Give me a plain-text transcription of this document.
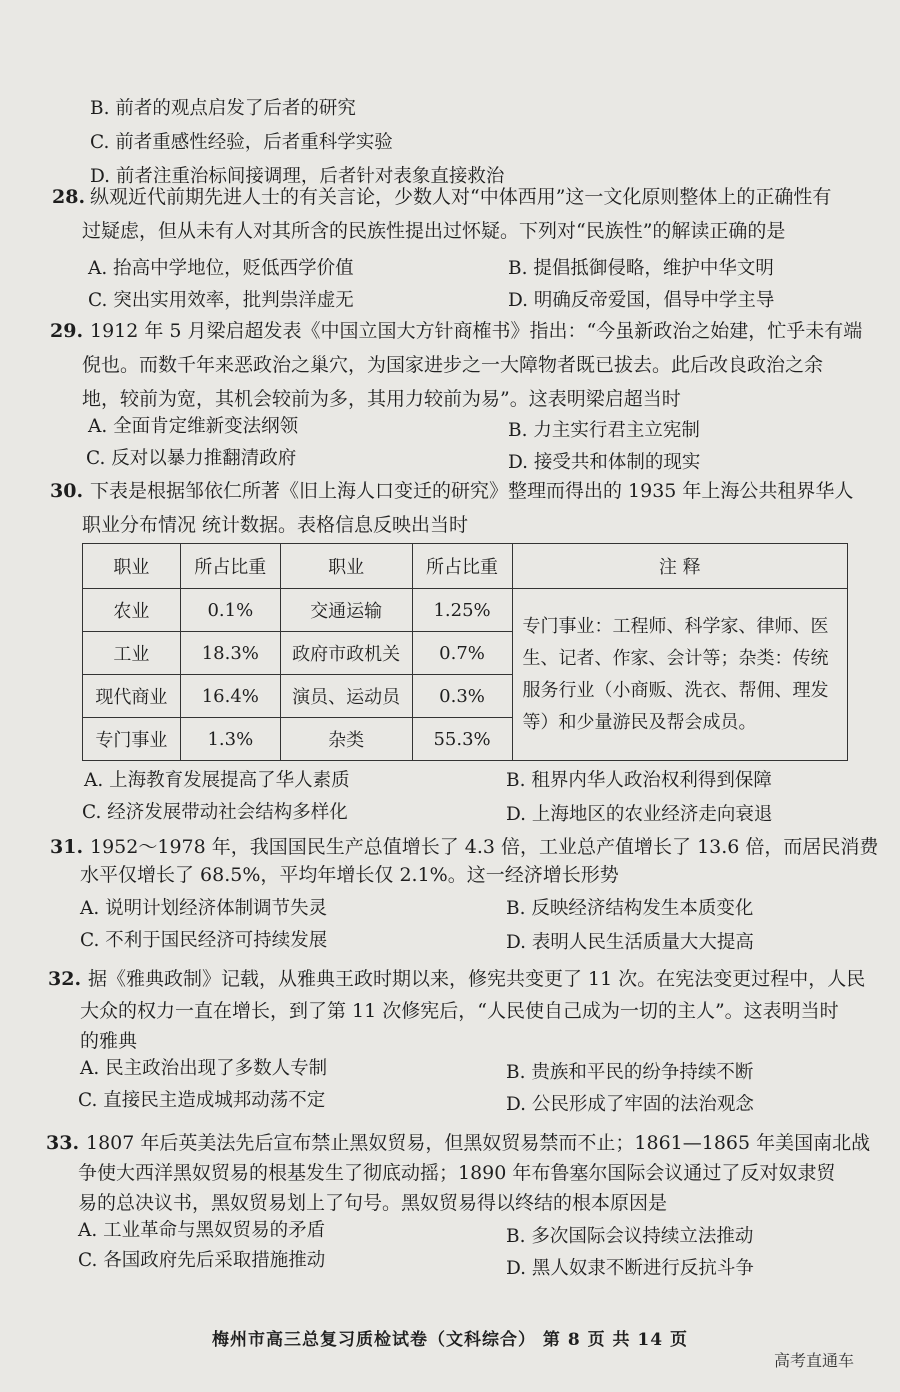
B. 前者的观点启发了后者的研究
C. 前者重感性经验，后者重科学实验
D. 前者注重治标间接调理，后者针对表象直接救治
28. 纵观近代前期先进人士的有关言论，少数人对“中体西用”这一文化原则整体上的正确性有
过疑虑，但从未有人对其所含的民族性提出过怀疑。下列对“民族性”的解读正确的是
A. 抬高中学地位，贬低西学价值	B. 提倡抵御侵略，维护中华文明
C. 突出实用效率，批判祟洋虚无	D. 明确反帝爱国，倡导中学主导
29. 1912 年 5 月梁启超发表《中国立国大方针商榷书》指出：“今虽新政治之始建，忙乎未有端
倪也。而数千年来恶政治之巢穴，为国家进步之一大障物者既已拔去。此后改良政治之余
地，较前为宽，其机会较前为多，其用力较前为易”。这表明梁启超当时
A. 全面肯定维新变法纲领	B. 力主实行君主立宪制
C. 反对以暴力推翻清政府	D. 接受共和体制的现实
30. 下表是根据邹依仁所著《旧上海人口变迁的研究》整理而得出的 1935 年上海公共租界华人
职业分布情况 统计数据。表格信息反映出当时
职业	所占比重	职业	所占比重	注 释
农业	0.1%	交通运输	1.25%	专门事业：工程师、科学家、律师、医生、记者、作家、会计等；杂类：传统服务行业（小商贩、洗衣、帮佣、理发等）和少量游民及帮会成员。
工业	18.3%	政府市政机关	0.7%	
现代商业	16.4%	演员、运动员	0.3%	
专门事业	1.3%	杂类	55.3%	
A. 上海教育发展提高了华人素质	B. 租界内华人政治权利得到保障
C. 经济发展带动社会结构多样化	D. 上海地区的农业经济走向衰退
31. 1952～1978 年，我国国民生产总值增长了 4.3 倍，工业总产值增长了 13.6 倍，而居民消费
水平仅增长了 68.5%，平均年增长仅 2.1%。这一经济增长形势
A. 说明计划经济体制调节失灵	B. 反映经济结构发生本质变化
C. 不利于国民经济可持续发展	D. 表明人民生活质量大大提高
32. 据《雅典政制》记载，从雅典王政时期以来，修宪共变更了 11 次。在宪法变更过程中，人民
大众的权力一直在增长，到了第 11 次修宪后，“人民使自己成为一切的主人”。这表明当时
的雅典
A. 民主政治出现了多数人专制	B. 贵族和平民的纷争持续不断
C. 直接民主造成城邦动荡不定	D. 公民形成了牢固的法治观念
33. 1807 年后英美法先后宣布禁止黑奴贸易，但黑奴贸易禁而不止；1861—1865 年美国南北战
争使大西洋黑奴贸易的根基发生了彻底动摇；1890 年布鲁塞尔国际会议通过了反对奴隶贸
易的总决议书，黑奴贸易划上了句号。黑奴贸易得以终结的根本原因是
A. 工业革命与黑奴贸易的矛盾	B. 多次国际会议持续立法推动
C. 各国政府先后采取措施推动	D. 黑人奴隶不断进行反抗斗争
梅州市高三总复习质检试卷（文科综合） 第 8 页 共 14 页
高考直通车
